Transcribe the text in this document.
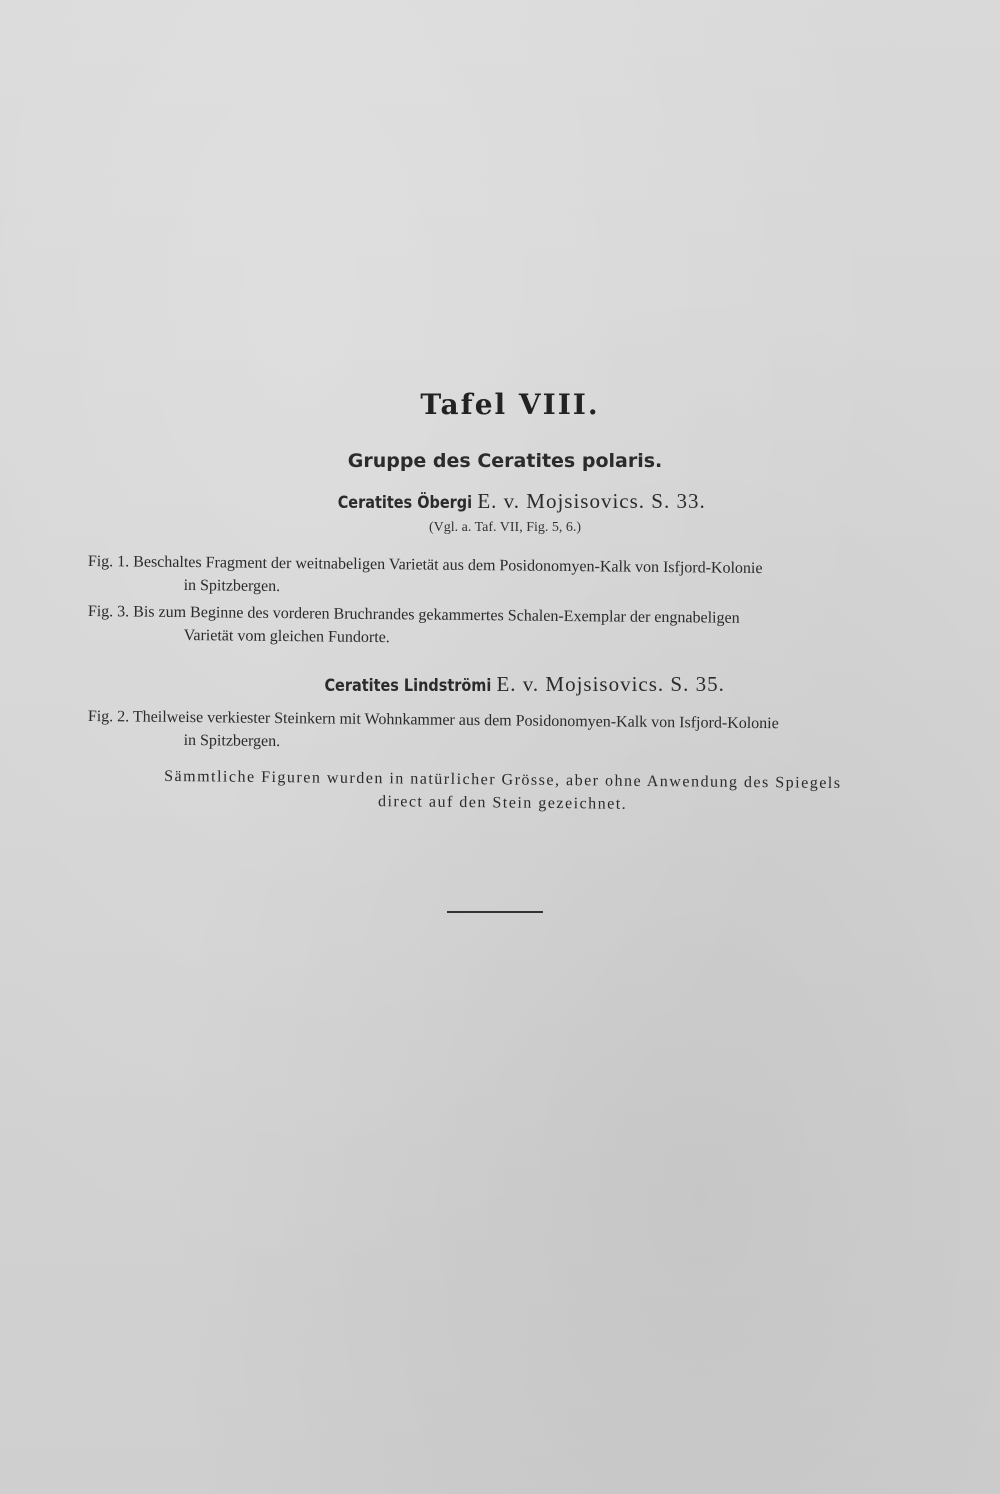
Tafel VIII.
Gruppe des Ceratites polaris.
Ceratites Öbergi E. v. Mojsisovics. S. 33.
(Vgl. a. Taf. VII, Fig. 5, 6.)
Fig. 1. Beschaltes Fragment der weitnabeligen Varietät aus dem Posidonomyen-Kalk von Isfjord-Kolonie
in Spitzbergen.
Fig. 3. Bis zum Beginne des vorderen Bruchrandes gekammertes Schalen-Exemplar der engnabeligen
Varietät vom gleichen Fundorte.
Ceratites Lindströmi E. v. Mojsisovics. S. 35.
Fig. 2. Theilweise verkiester Steinkern mit Wohnkammer aus dem Posidonomyen-Kalk von Isfjord-Kolonie
in Spitzbergen.
Sämmtliche Figuren wurden in natürlicher Grösse, aber ohne Anwendung des Spiegels
direct auf den Stein gezeichnet.
